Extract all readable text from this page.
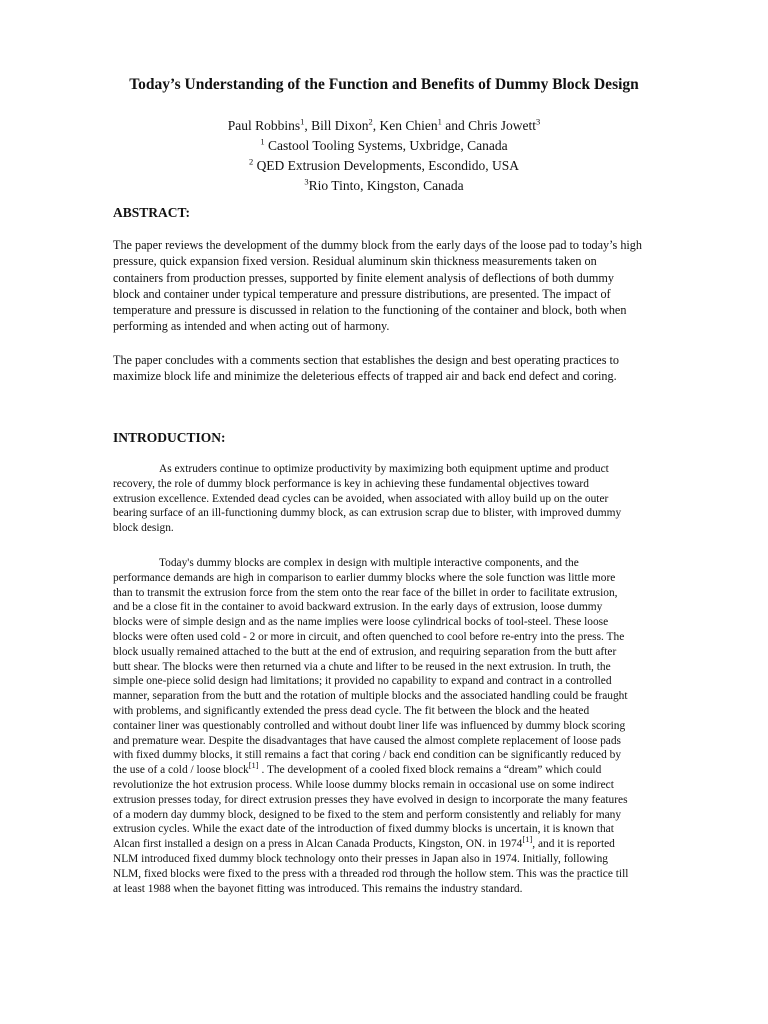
Today’s Understanding of the Function and Benefits of Dummy Block Design
Paul Robbins$^1$, Bill Dixon$^2$, Ken Chien$^1$ and Chris Jowett$^3$
$^1$ Castool Tooling Systems, Uxbridge, Canada
$^2$ QED Extrusion Developments, Escondido, USA
$^3$Rio Tinto, Kingston, Canada
ABSTRACT:

The paper reviews the development of the dummy block from the early days of the loose pad to today’s high pressure, quick expansion fixed version. Residual aluminum skin thickness measurements taken on containers from production presses, supported by finite element analysis of deflections of both dummy block and container under typical temperature and pressure distributions, are presented. The impact of temperature and pressure is discussed in relation to the functioning of the container and block, both when performing as intended and when acting out of harmony.

The paper concludes with a comments section that establishes the design and best operating practices to maximize block life and minimize the deleterious effects of trapped air and back end defect and coring.

INTRODUCTION:

As extruders continue to optimize productivity by maximizing both equipment uptime and product recovery, the role of dummy block performance is key in achieving these fundamental objectives toward extrusion excellence. Extended dead cycles can be avoided, when associated with alloy build up on the outer bearing surface of an ill-functioning dummy block, as can extrusion scrap due to blister, with improved dummy block design.

Today's dummy blocks are complex in design with multiple interactive components, and the performance demands are high in comparison to earlier dummy blocks where the sole function was little more than to transmit the extrusion force from the stem onto the rear face of the billet in order to facilitate extrusion, and be a close fit in the container to avoid backward extrusion. In the early days of extrusion, loose dummy blocks were of simple design and as the name implies were loose cylindrical bocks of tool-steel. These loose blocks were often used cold - 2 or more in circuit, and often quenched to cool before re-entry into the press. The block usually remained attached to the butt at the end of extrusion, and requiring separation from the butt after butt shear. The blocks were then returned via a chute and lifter to be reused in the next extrusion. In truth, the simple one-piece solid design had limitations; it provided no capability to expand and contract in a controlled manner, separation from the butt and the rotation of multiple blocks and the associated handling could be fraught with problems, and significantly extended the press dead cycle. The fit between the block and the heated container liner was questionably controlled and without doubt liner life was influenced by dummy block scoring and premature wear. Despite the disadvantages that have caused the almost complete replacement of loose pads with fixed dummy blocks, it still remains a fact that coring / back end condition can be significantly reduced by the use of a cold / loose block[1] . The development of a cooled fixed block remains a “dream” which could revolutionize the hot extrusion process. While loose dummy blocks remain in occasional use on some indirect extrusion presses today, for direct extrusion presses they have evolved in design to incorporate the many features of a modern day dummy block, designed to be fixed to the stem and perform consistently and reliably for many extrusion cycles. While the exact date of the introduction of fixed dummy blocks is uncertain, it is known that Alcan first installed a design on a press in Alcan Canada Products, Kingston, ON. in 1974[1], and it is reported NLM introduced fixed dummy block technology onto their presses in Japan also in 1974. Initially, following NLM, fixed blocks were fixed to the press with a threaded rod through the hollow stem. This was the practice till at least 1988 when the bayonet fitting was introduced. This remains the industry standard.
